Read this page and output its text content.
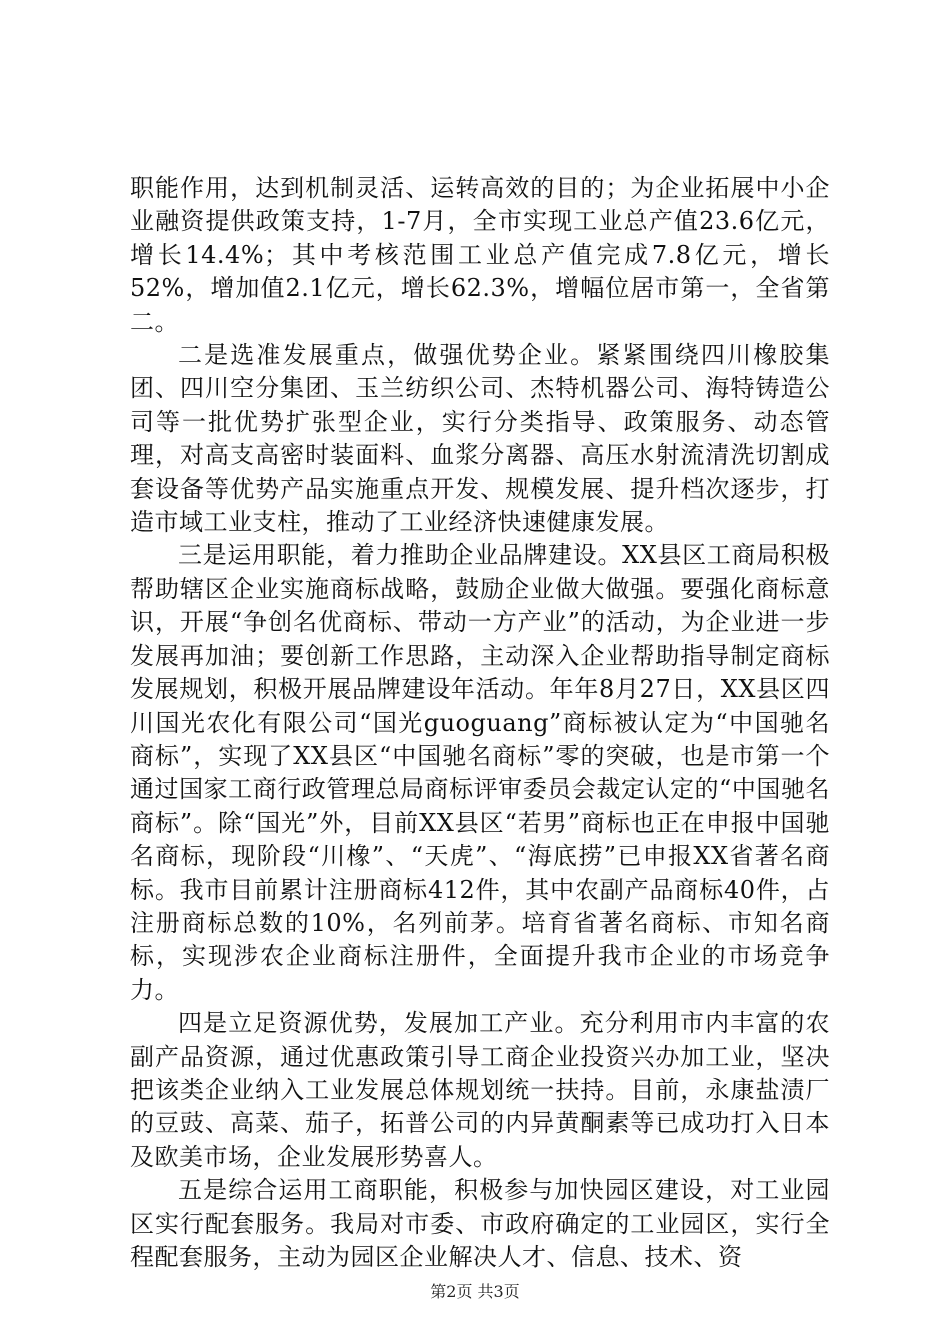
职能作用，达到机制灵活、运转高效的目的；为企业拓展中小企业融资提供政策支持，1-7月，全市实现工业总产值23.6亿元，增长14.4%；其中考核范围工业总产值完成7.8亿元，增长52%，增加值2.1亿元，增长62.3%，增幅位居市第一，全省第二。

二是选准发展重点，做强优势企业。紧紧围绕四川橡胶集团、四川空分集团、玉兰纺织公司、杰特机器公司、海特铸造公司等一批优势扩张型企业，实行分类指导、政策服务、动态管理，对高支高密时装面料、血浆分离器、高压水射流清洗切割成套设备等优势产品实施重点开发、规模发展、提升档次逐步，打造市域工业支柱，推动了工业经济快速健康发展。

三是运用职能，着力推助企业品牌建设。XX县区工商局积极帮助辖区企业实施商标战略，鼓励企业做大做强。要强化商标意识，开展“争创名优商标、带动一方产业”的活动，为企业进一步发展再加油；要创新工作思路，主动深入企业帮助指导制定商标发展规划，积极开展品牌建设年活动。年年8月27日，XX县区四川国光农化有限公司“国光guoguang”商标被认定为“中国驰名商标”，实现了XX县区“中国驰名商标”零的突破，也是市第一个通过国家工商行政管理总局商标评审委员会裁定认定的“中国驰名商标”。除“国光”外，目前XX县区“若男”商标也正在申报中国驰名商标，现阶段“川橡”、“天虎”、“海底捞”已申报XX省著名商标。我市目前累计注册商标412件，其中农副产品商标40件，占注册商标总数的10%，名列前茅。培育省著名商标、市知名商标，实现涉农企业商标注册件，全面提升我市企业的市场竞争力。

四是立足资源优势，发展加工产业。充分利用市内丰富的农副产品资源，通过优惠政策引导工商企业投资兴办加工业，坚决把该类企业纳入工业发展总体规划统一扶持。目前，永康盐渍厂的豆豉、高菜、茄子，拓普公司的内异黄酮素等已成功打入日本及欧美市场，企业发展形势喜人。

五是综合运用工商职能，积极参与加快园区建设，对工业园区实行配套服务。我局对市委、市政府确定的工业园区，实行全程配套服务，主动为园区企业解决人才、信息、技术、资

第2页 共3页
